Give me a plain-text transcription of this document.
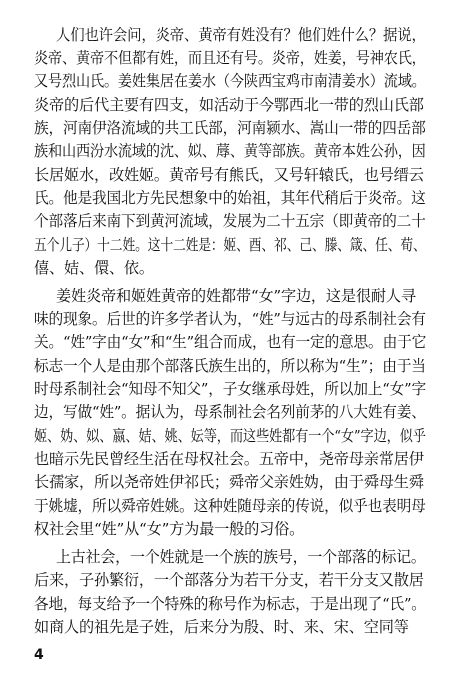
人们也许会问，炎帝、黄帝有姓没有？他们姓什么？据说，
炎帝、黄帝不但都有姓，而且还有号。炎帝，姓姜，号神农氏，
又号烈山氏。姜姓集居在姜水（今陕西宝鸡市南清姜水）流域。
炎帝的后代主要有四支，如活动于今鄂西北一带的烈山氏部
族，河南伊洛流域的共工氏部，河南颍水、嵩山一带的四岳部
族和山西汾水流域的沈、姒、蓐、黄等部族。黄帝本姓公孙，因
长居姬水，改姓姬。黄帝号有熊氏，又号轩辕氏，也号缙云
氏。他是我国北方先民想象中的始祖，其年代稍后于炎帝。这
个部落后来南下到黄河流域，发展为二十五宗（即黄帝的二十
五个儿子）十二姓。这十二姓是：姬、酉、祁、己、滕、箴、任、荀、
僖、姞、儇、依。
姜姓炎帝和姬姓黄帝的姓都带“女”字边，这是很耐人寻
味的现象。后世的许多学者认为，“姓”与远古的母系制社会有
关。“姓”字由“女”和“生”组合而成，也有一定的意思。由于它
标志一个人是由那个部落氏族生出的，所以称为“生”；由于当
时母系制社会“知母不知父”，子女继承母姓，所以加上“女”字
边，写做“姓”。据认为，母系制社会名列前茅的八大姓有姜、
姬、妫、姒、嬴、姞、姚、妘等，而这些姓都有一个“女”字边，似乎
也暗示先民曾经生活在母权社会。五帝中，尧帝母亲常居伊
长孺家，所以尧帝姓伊祁氏；舜帝父亲姓妫，由于舜母生舜
于姚墟，所以舜帝姓姚。这种姓随母亲的传说，似乎也表明母
权社会里“姓”从“女”方为最一般的习俗。
上古社会，一个姓就是一个族的族号，一个部落的标记。
后来，子孙繁衍，一个部落分为若干分支，若干分支又散居
各地，每支给予一个特殊的称号作为标志，于是出现了“氏”。
如商人的祖先是子姓，后来分为殷、时、来、宋、空同等
4
